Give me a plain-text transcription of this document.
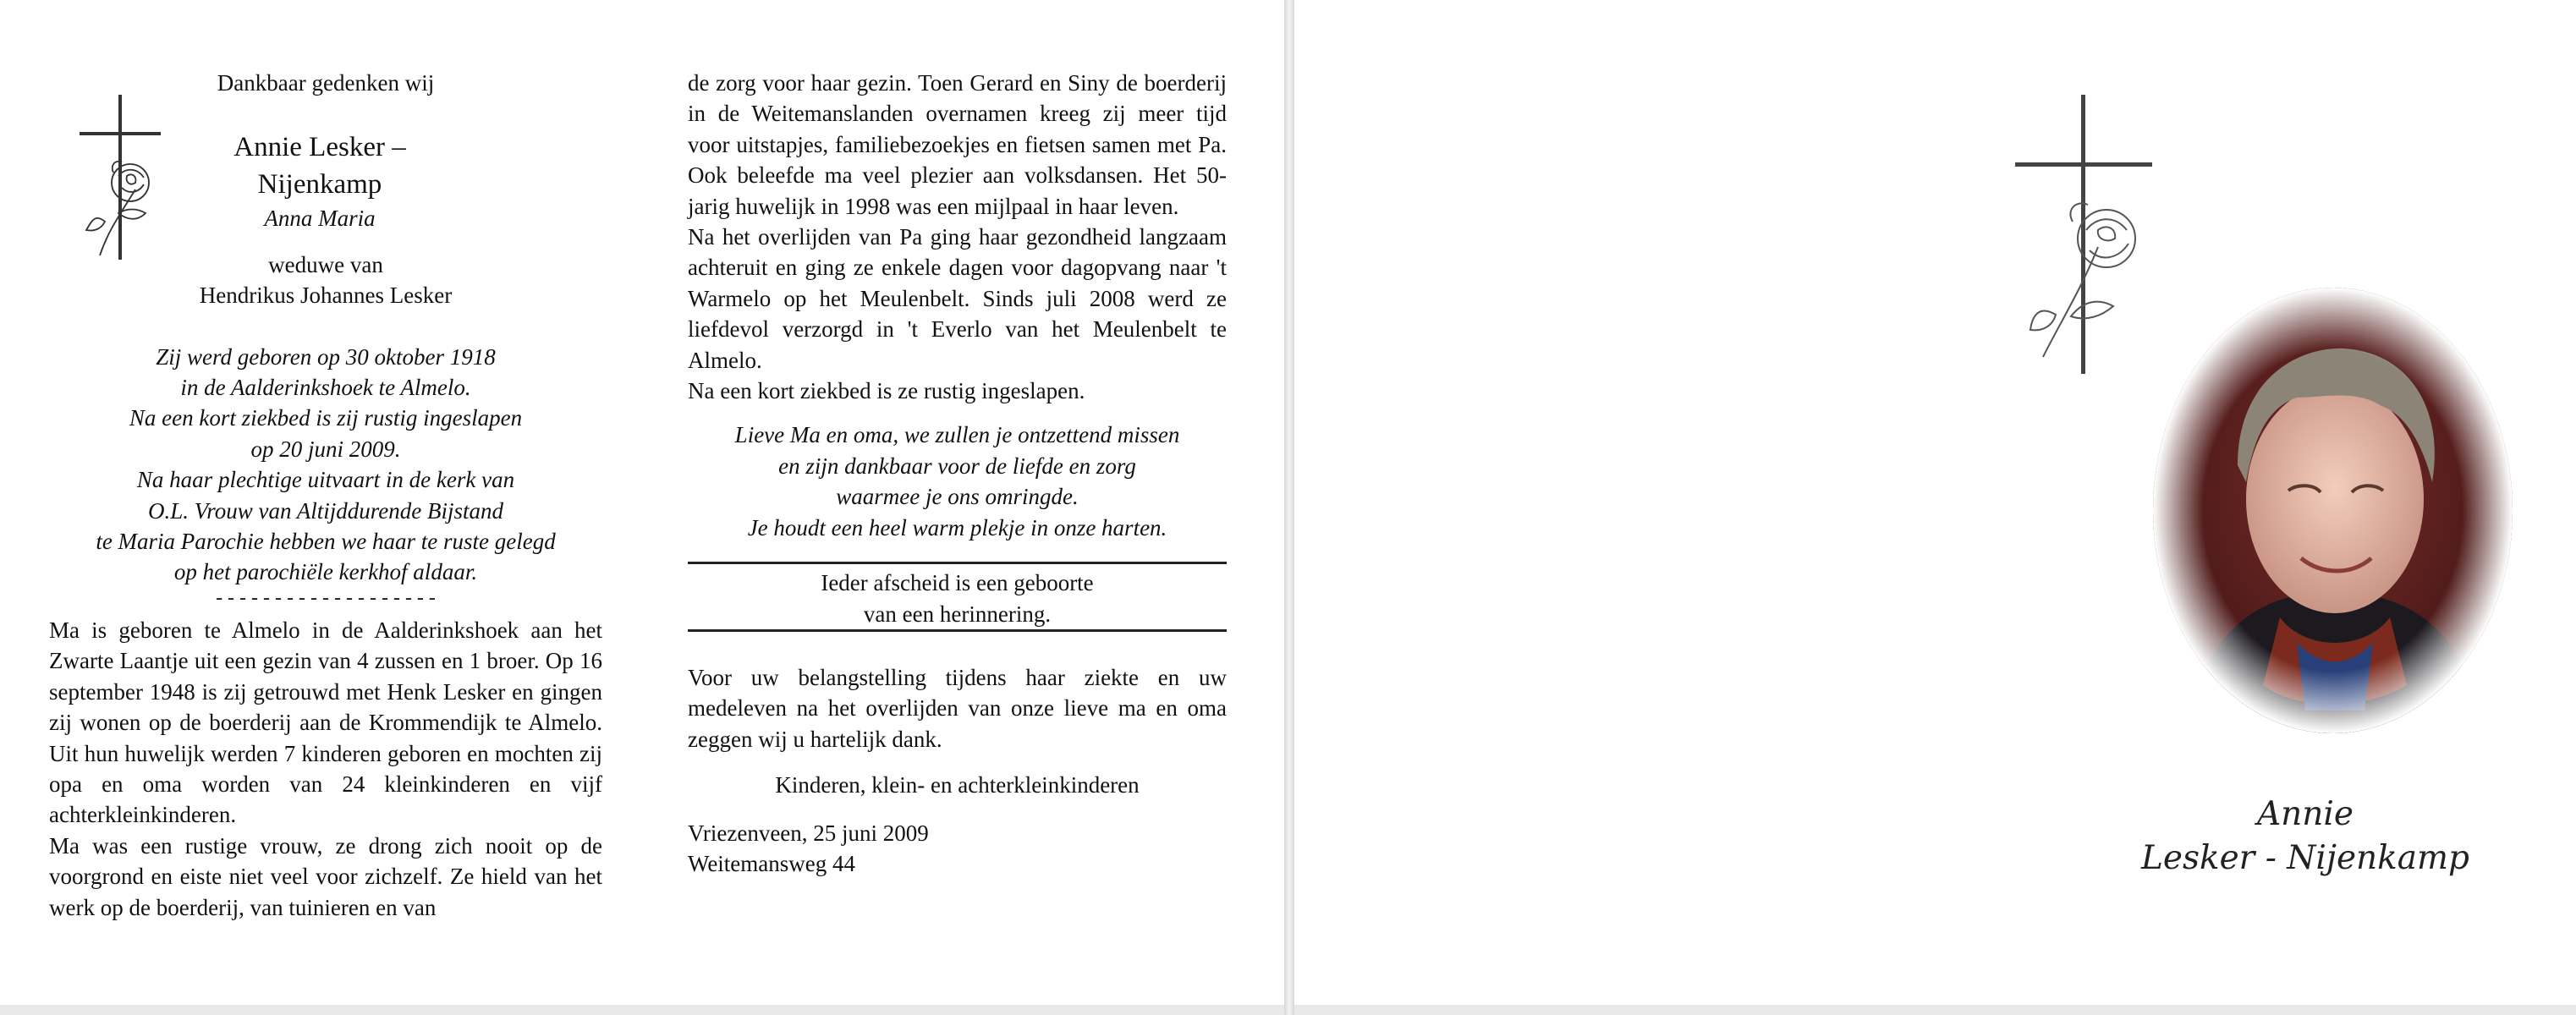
Dankbaar gedenken wij

Annie Lesker – Nijenkamp

Anna Maria

weduwe van

Hendrikus Johannes Lesker

Zij werd geboren op 30 oktober 1918

in de Aalderinkshoek te Almelo.

Na een kort ziekbed is zij rustig ingeslapen

op 20 juni 2009.

Na haar plechtige uitvaart in de kerk van

O.L. Vrouw van Altijddurende Bijstand

te Maria Parochie hebben we haar te ruste gelegd

op het parochiële kerkhof aldaar.

- - - - - - - - - - - - - - - - - - -

Ma is geboren te Almelo in de Aalderinkshoek aan het Zwarte Laantje uit een gezin van 4 zussen en 1 broer. Op 16 september 1948 is zij getrouwd met Henk Lesker en gingen zij wonen op de boerderij aan de Krommendijk te Almelo. Uit hun huwelijk werden 7 kinderen geboren en mochten zij opa en oma worden van 24 kleinkinderen en vijf achterkleinkinderen.

Ma was een rustige vrouw, ze drong zich nooit op de voorgrond en eiste niet veel voor zichzelf. Ze hield van het werk op de boerderij, van tuinieren en van

de zorg voor haar gezin. Toen Gerard en Siny de boerderij in de Weitemanslanden overnamen kreeg zij meer tijd voor uitstapjes, familiebezoekjes en fietsen samen met Pa. Ook beleefde ma veel plezier aan volksdansen. Het 50-jarig huwelijk in 1998 was een mijlpaal in haar leven.

Na het overlijden van Pa ging haar gezondheid langzaam achteruit en ging ze enkele dagen voor dagopvang naar 't Warmelo op het Meulenbelt. Sinds juli 2008 werd ze liefdevol verzorgd in 't Everlo van het Meulenbelt te Almelo.

Na een kort ziekbed is ze rustig ingeslapen.

Lieve Ma en oma, we zullen je ontzettend missen

en zijn dankbaar voor de liefde en zorg

waarmee je ons omringde.

Je houdt een heel warm plekje in onze harten.

Ieder afscheid is een geboorte

van een herinnering.

Voor uw belangstelling tijdens haar ziekte en uw medeleven na het overlijden van onze lieve ma en oma zeggen wij u hartelijk dank.

Kinderen, klein- en achterkleinkinderen

Vriezenveen, 25 juni 2009

Weitemansweg 44

Annie
Lesker - Nijenkamp
